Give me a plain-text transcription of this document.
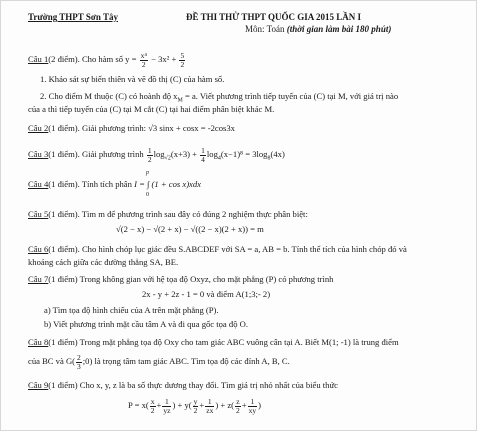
Trường THPT Sơn Tây	ĐỀ THI THỬ THPT QUỐC GIA 2015 LẦN I
Môn: Toán (thời gian làm bài 180 phút)
Câu 1(2 điểm). Cho hàm số $y = \frac{\text{x⁴}}{2} - 3x^2 + \frac{5}{2}$
1. Khảo sát sự biến thiên và vẽ đồ thị (C) của hàm số.
2. Cho điểm M thuộc (C) có hoành độ $x_M = a$. Viết phương trình tiếp tuyến của (C) tại M, với giá trị nào
của a thì tiếp tuyến của (C) tại M cắt (C) tại hai điểm phân biệt khác M.
Câu 2(1 điểm). Giải phương trình: √3 sinx + cosx = -2cos3x
Câu 3(1 điểm). Giải phương trình $\frac{1}{2} \log_{√2}(x+3) + \frac{1}{4} \log_4(x-1)^8 = 3\log_8(4x)$
Câu 4(1 điểm). Tính tích phân I = ∫ (1 + cos x)xdx
p
0
Câu 5(1 điểm). Tìm m để phương trình sau đây có đúng 2 nghiệm thực phân biệt:
√(2 − x) − √(2 + x) − √((2 − x)(2 + x)) = m
Câu 6(1 điểm). Cho hình chóp lục giác đều S.ABCDEF với SA = a, AB = b. Tính thể tích của hình chóp đó và
khoảng cách giữa các đường thẳng SA, BE.
Câu 7(1 điểm) Trong không gian với hệ tọa độ Oxyz, cho mặt phẳng (P) có phương trình
2x - y + 2z - 1 = 0 và điểm A(1;3;- 2)
a) Tìm tọa độ hình chiếu của A trên mặt phẳng (P).
b) Viết phương trình mặt cầu tâm A và đi qua gốc tọa độ O.
Câu 8(1 điểm) Trong mặt phẳng tọa độ Oxy cho tam giác ABC vuông cân tại A. Biết M(1; -1) là trung điểm
của BC và $G( \frac{2}{3}$ ;0) là trọng tâm tam giác ABC. Tìm tọa độ các đỉnh A, B, C.
Câu 9(1 điểm) Cho x, y, z là ba số thực dương thay đổi. Tìm giá trị nhỏ nhất của biểu thức
$P = x( \frac{x}{2} + \frac{1}{yz}$ ) + $y( \frac{y}{2} + \frac{1}{zx}$ ) + $z( \frac{z}{2} + \frac{1}{xy}$ )
